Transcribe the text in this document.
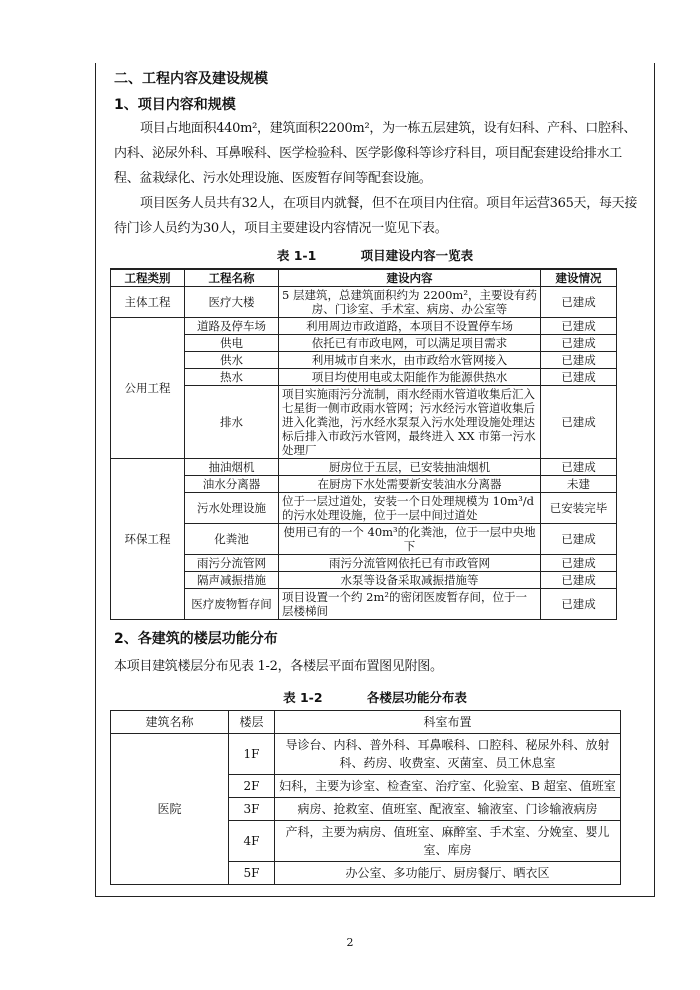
二、工程内容及建设规模
1、项目内容和规模

项目占地面积440m²，建筑面积2200m²，为一栋五层建筑，设有妇科、产科、口腔科、内科、泌尿外科、耳鼻喉科、医学检验科、医学影像科等诊疗科目，项目配套建设给排水工程、盆栽绿化、污水处理设施、医废暂存间等配套设施。

项目医务人员共有32人，在项目内就餐，但不在项目内住宿。项目年运营365天，每天接待门诊人员约为30人，项目主要建设内容情况一览见下表。

表 1-1	项目建设内容一览表
工程类别	工程名称	建设内容	建设情况
主体工程	医疗大楼	5 层建筑，总建筑面积约为 2200m²，主要设有药房、门诊室、手术室、病房、办公室等	已建成
公用工程	道路及停车场	利用周边市政道路，本项目不设置停车场	已建成
	供电	依托已有市政电网，可以满足项目需求	已建成
	供水	利用城市自来水，由市政给水管网接入	已建成
	热水	项目均使用电或太阳能作为能源供热水	已建成
	排水	项目实施雨污分流制，雨水经雨水管道收集后汇入七星街一侧市政雨水管网；污水经污水管道收集后进入化粪池，污水经水泵泵入污水处理设施处理达标后排入市政污水管网，最终进入 XX 市第一污水处理厂	已建成
环保工程	抽油烟机	厨房位于五层，已安装抽油烟机	已建成
	油水分离器	在厨房下水处需要新安装油水分离器	未建
	污水处理设施	位于一层过道处，安装一个日处理规模为 10m³/d 的污水处理设施，位于一层中间过道处	已安装完毕
	化粪池	使用已有的一个 40m³的化粪池，位于一层中央地下	已建成
	雨污分流管网	雨污分流管网依托已有市政管网	已建成
	隔声减振措施	水泵等设备采取减振措施等	已建成
	医疗废物暂存间	项目设置一个约 2m²的密闭医废暂存间，位于一层楼梯间	已建成
2、各建筑的楼层功能分布

本项目建筑楼层分布见表 1-2，各楼层平面布置图见附图。

表 1-2	各楼层功能分布表
建筑名称	楼层	科室布置
医院	1F	导诊台、内科、普外科、耳鼻喉科、口腔科、秘尿外科、放射科、药房、收费室、灭菌室、员工休息室
	2F	妇科，主要为诊室、检查室、治疗室、化验室、B 超室、值班室
	3F	病房、抢救室、值班室、配液室、输液室、门诊输液病房
	4F	产科，主要为病房、值班室、麻醉室、手术室、分娩室、婴儿室、库房
	5F	办公室、多功能厅、厨房餐厅、晒衣区
2
